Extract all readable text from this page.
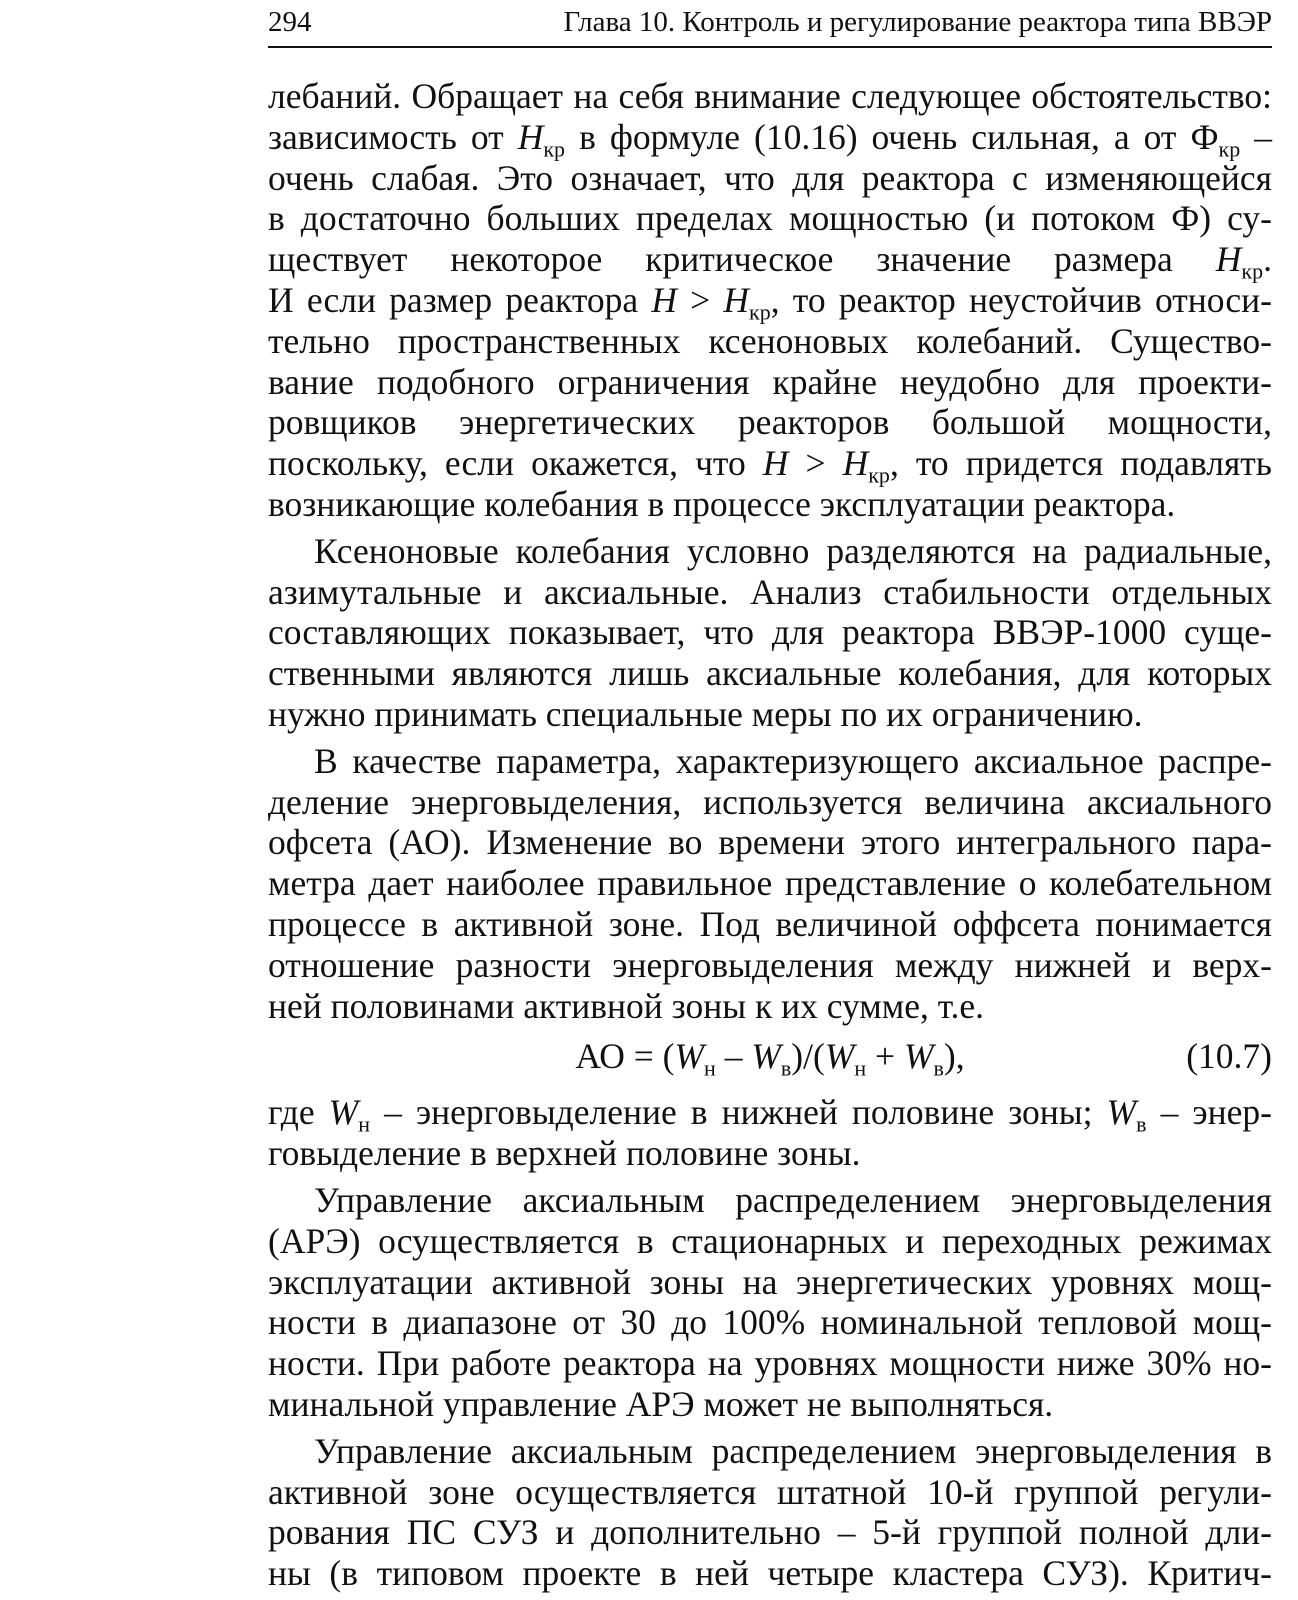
294	Глава 10. Контроль и регулирование реактора типа ВВЭР
лебаний. Обращает на себя внимание следующее обстоятельство:
зависимость от $H_{кр}$ в формуле (10.16) очень сильная, а от $Ф_{кр}$ –
очень слабая. Это означает, что для реактора с изменяющейся
в достаточно больших пределах мощностью (и потоком Ф) су-
ществует некоторое критическое значение размера $H_{кр}$.
И если размер реактора $H > H_{кр}$, то реактор неустойчив относи-
тельно пространственных ксеноновых колебаний. Существо-
вание подобного ограничения крайне неудобно для проекти-
ровщиков энергетических реакторов большой мощности,
поскольку, если окажется, что $H > H_{кр}$, то придется подавлять
возникающие колебания в процессе эксплуатации реактора.
Ксеноновые колебания условно разделяются на радиальные,
азимутальные и аксиальные. Анализ стабильности отдельных
составляющих показывает, что для реактора ВВЭР-1000 суще-
ственными являются лишь аксиальные колебания, для которых
нужно принимать специальные меры по их ограничению.
В качестве параметра, характеризующего аксиальное распре-
деление энерговыделения, используется величина аксиального
офсета (АО). Изменение во времени этого интегрального пара-
метра дает наиболее правильное представление о колебательном
процессе в активной зоне. Под величиной оффсета понимается
отношение разности энерговыделения между нижней и верх-
ней половинами активной зоны к их сумме, т.е.
АО = $(W_н - W_в)/(W_н + W_в)$,	(10.7)
где $W_н$ – энерговыделение в нижней половине зоны; $W_в$ – энер-
говыделение в верхней половине зоны.
Управление аксиальным распределением энерговыделения
(АРЭ) осуществляется в стационарных и переходных режимах
эксплуатации активной зоны на энергетических уровнях мощ-
ности в диапазоне от 30 до 100% номинальной тепловой мощ-
ности. При работе реактора на уровнях мощности ниже 30% но-
минальной управление АРЭ может не выполняться.
Управление аксиальным распределением энерговыделения в
активной зоне осуществляется штатной 10-й группой регули-
рования ПС СУЗ и дополнительно – 5-й группой полной дли-
ны (в типовом проекте в ней четыре кластера СУЗ). Критич-
